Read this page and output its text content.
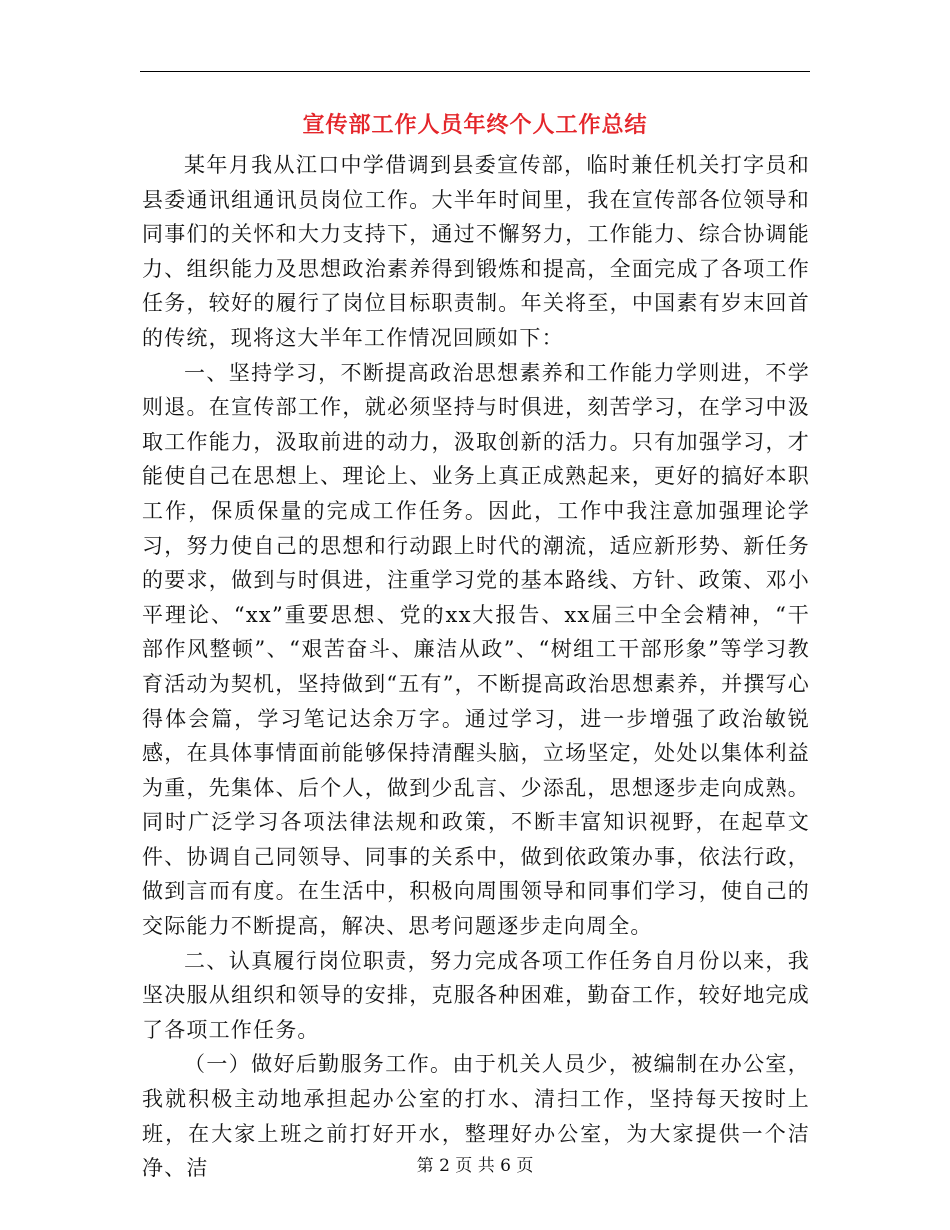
宣传部工作人员年终个人工作总结

某年月我从江口中学借调到县委宣传部，临时兼任机关打字员和县委通讯组通讯员岗位工作。大半年时间里，我在宣传部各位领导和同事们的关怀和大力支持下，通过不懈努力，工作能力、综合协调能力、组织能力及思想政治素养得到锻炼和提高，全面完成了各项工作任务，较好的履行了岗位目标职责制。年关将至，中国素有岁末回首的传统，现将这大半年工作情况回顾如下：

一、坚持学习，不断提高政治思想素养和工作能力学则进，不学则退。在宣传部工作，就必须坚持与时俱进，刻苦学习，在学习中汲取工作能力，汲取前进的动力，汲取创新的活力。只有加强学习，才能使自己在思想上、理论上、业务上真正成熟起来，更好的搞好本职工作，保质保量的完成工作任务。因此，工作中我注意加强理论学习，努力使自己的思想和行动跟上时代的潮流，适应新形势、新任务的要求，做到与时俱进，注重学习党的基本路线、方针、政策、邓小平理论、“xx”重要思想、党的xx大报告、xx届三中全会精神，“干部作风整顿”、“艰苦奋斗、廉洁从政”、“树组工干部形象”等学习教育活动为契机，坚持做到“五有”，不断提高政治思想素养，并撰写心得体会篇，学习笔记达余万字。通过学习，进一步增强了政治敏锐感，在具体事情面前能够保持清醒头脑，立场坚定，处处以集体利益为重，先集体、后个人，做到少乱言、少添乱，思想逐步走向成熟。同时广泛学习各项法律法规和政策，不断丰富知识视野，在起草文件、协调自己同领导、同事的关系中，做到依政策办事，依法行政，做到言而有度。在生活中，积极向周围领导和同事们学习，使自己的交际能力不断提高，解决、思考问题逐步走向周全。

二、认真履行岗位职责，努力完成各项工作任务自月份以来，我坚决服从组织和领导的安排，克服各种困难，勤奋工作，较好地完成了各项工作任务。

（一）做好后勤服务工作。由于机关人员少，被编制在办公室，我就积极主动地承担起办公室的打水、清扫工作，坚持每天按时上班，在大家上班之前打好开水，整理好办公室，为大家提供一个洁净、洁	第 2 页 共 6 页
